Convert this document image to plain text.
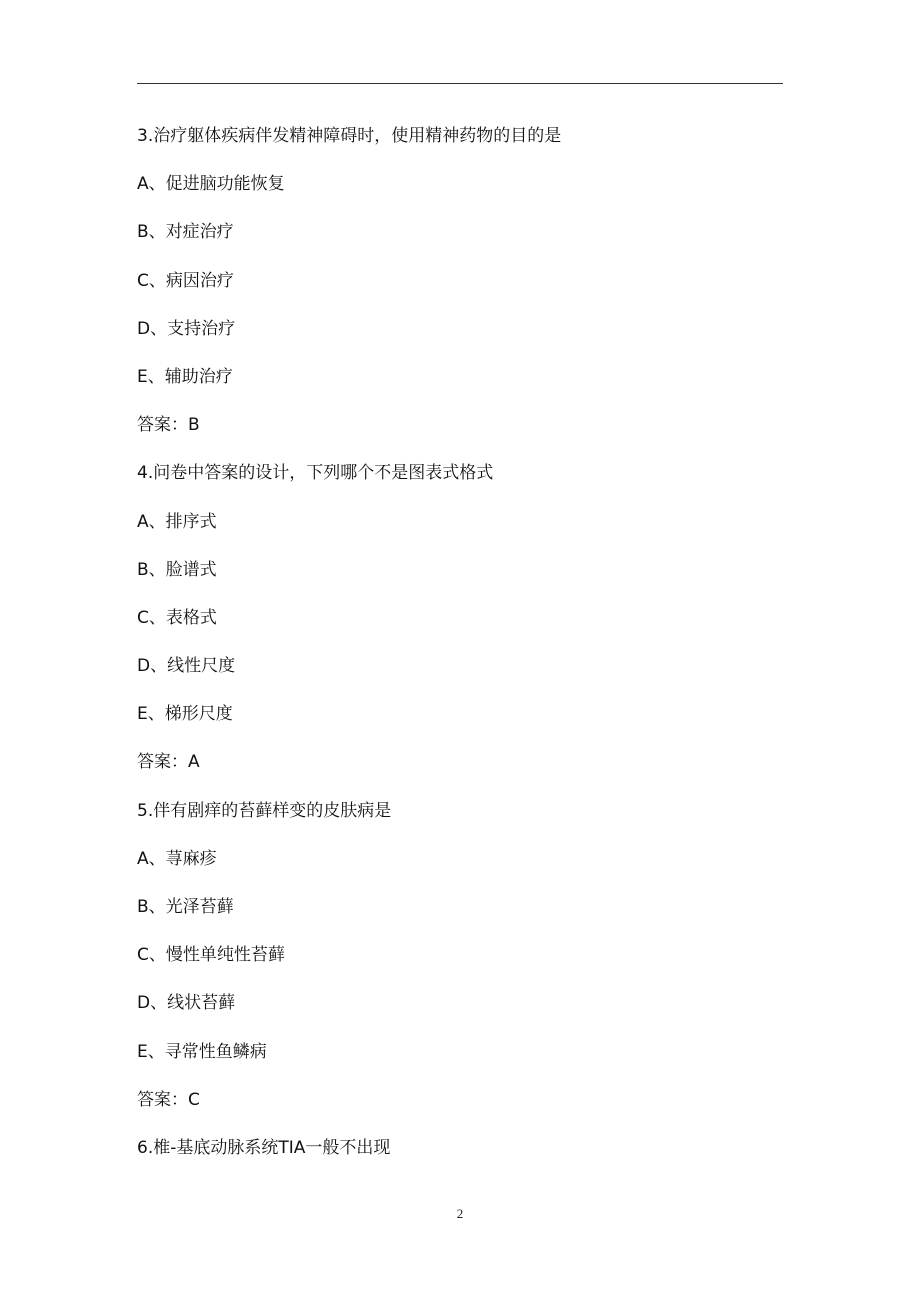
3.治疗躯体疾病伴发精神障碍时，使用精神药物的目的是
A、促进脑功能恢复
B、对症治疗
C、病因治疗
D、支持治疗
E、辅助治疗
答案：B
4.问卷中答案的设计，下列哪个不是图表式格式
A、排序式
B、脸谱式
C、表格式
D、线性尺度
E、梯形尺度
答案：A
5.伴有剧痒的苔藓样变的皮肤病是
A、荨麻疹
B、光泽苔藓
C、慢性单纯性苔藓
D、线状苔藓
E、寻常性鱼鳞病
答案：C
6.椎-基底动脉系统TIA一般不出现
2
